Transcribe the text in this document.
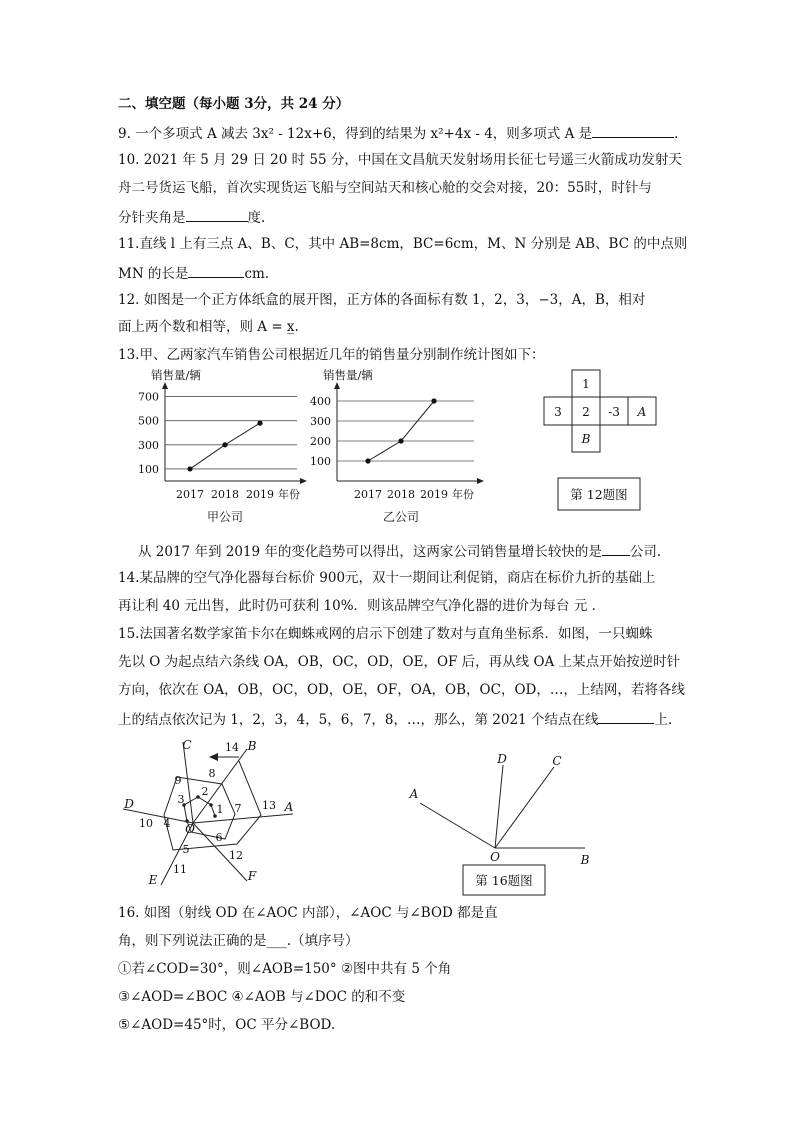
二、填空题（每小题 3分，共 24 分）
9. 一个多项式 A 减去 3x² - 12x+6，得到的结果为 x²+4x - 4，则多项式 A 是	.
10. 2021 年 5 月 29 日 20 时 55 分，中国在文昌航天发射场用长征七号遥三火箭成功发射天
舟二号货运飞船，首次实现货运飞船与空间站天和核心舱的交会对接，20：55时，时针与
分针夹角是	度.
11.直线 l 上有三点 A、B、C，其中 AB=8cm，BC=6cm，M、N 分别是 AB、BC 的中点则
MN 的长是	cm.
12. 如图是一个正方体纸盒的展开图，正方体的各面标有数 1，2，3，−3，A，B，相对
面上两个数和相等，则 A = x̲.
13.甲、乙两家汽车销售公司根据近几年的销售量分别制作统计图如下：
销售量/辆
100
300
500
700
2017 2018 2019 年份
甲公司
销售量/辆
100
200
300
400
2017 2018 2019 年份
乙公司
1
3 2 -3 A
B
第 12题图
从 2017 年到 2019 年的变化趋势可以得出，这两家公司销售量增长较快的是 公司.
14.某品牌的空气净化器每台标价 900元，双十一期间让利促销，商店在标价九折的基础上
再让利 40 元出售，此时仍可获利 10%．则该品牌空气净化器的进价为每台 元 .
15.法国著名数学家笛卡尔在蜘蛛戒网的启示下创建了数对与直角坐标系．如图，一只蜘蛛
先以 O 为起点结六条线 OA，OB，OC，OD，OE，OF 后，再从线 OA 上某点开始按逆时针
方向，依次在 OA，OB，OC，OD，OE，OF，OA，OB，OC，OD，…，上结网，若将各线
上的结点依次记为 1，2，3，4，5，6，7，8，…，那么，第 2021 个结点在线	上.
1
2
3
4
5
6
7
8
9
10
11
12
13
14
A
B
C
D
E	F
O
A
D	C
B
O
第 16题图
16. 如图（射线 OD 在∠AOC 内部），∠AOC 与∠BOD 都是直
角，则下列说法正确的是___.（填序号）
①若∠COD=30°，则∠AOB=150° ②图中共有 5 个角
③∠AOD=∠BOC ④∠AOB 与∠DOC 的和不变
⑤∠AOD=45°时，OC 平分∠BOD.
